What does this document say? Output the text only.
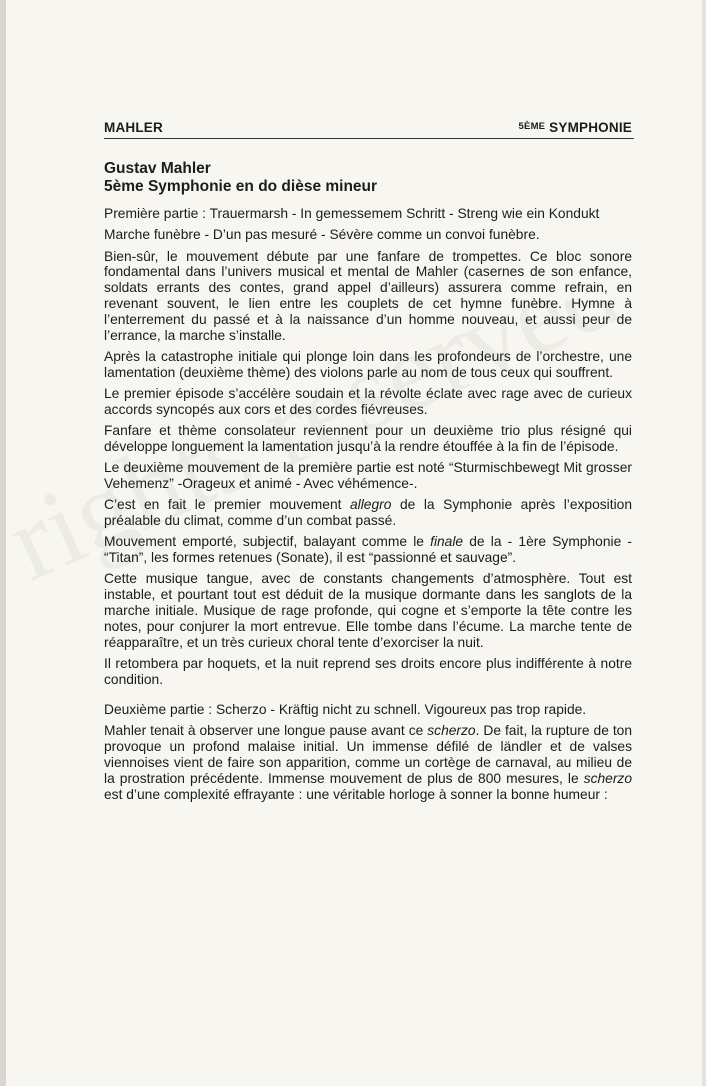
MAHLER	$^{5ÈME}$ SYMPHONIE
Gustav Mahler
5ème Symphonie en do dièse mineur

Première partie : Trauermarsh - In gemessemem Schritt - Streng wie ein Kondukt

Marche funèbre - D’un pas mesuré - Sévère comme un convoi funèbre.

Bien-sûr, le mouvement débute par une fanfare de trompettes. Ce bloc sonore fondamental dans l’univers musical et mental de Mahler (casernes de son enfance, soldats errants des contes, grand appel d’ailleurs) assurera comme refrain, en revenant souvent, le lien entre les couplets de cet hymne funèbre. Hymne à l’enterrement du passé et à la naissance d’un homme nouveau, et aussi peur de l’errance, la marche s’installe.

Après la catastrophe initiale qui plonge loin dans les profondeurs de l’orchestre, une lamentation (deuxième thème) des violons parle au nom de tous ceux qui souffrent.

Le premier épisode s’accélère soudain et la révolte éclate avec rage avec de curieux accords syncopés aux cors et des cordes fiévreuses.

Fanfare et thème consolateur reviennent pour un deuxième trio plus résigné qui développe longuement la lamentation jusqu’à la rendre étouffée à la fin de l’épisode.

Le deuxième mouvement de la première partie est noté “Sturmischbewegt Mit grosser Vehemenz” -Orageux et animé - Avec véhémence-.

C’est en fait le premier mouvement allegro de la Symphonie après l’exposition préalable du climat, comme d’un combat passé.

Mouvement emporté, subjectif, balayant comme le finale de la - 1ère Symphonie - “Titan”, les formes retenues (Sonate), il est “passionné et sauvage”.

Cette musique tangue, avec de constants changements d’atmosphère. Tout est instable, et pourtant tout est déduit de la musique dormante dans les sanglots de la marche initiale. Musique de rage profonde, qui cogne et s’emporte la tête contre les notes, pour conjurer la mort entrevue. Elle tombe dans l’écume. La marche tente de réapparaître, et un très curieux choral tente d’exorciser la nuit.

Il retombera par hoquets, et la nuit reprend ses droits encore plus indifférente à notre condition.

Deuxième partie : Scherzo - Kräftig nicht zu schnell. Vigoureux pas trop rapide.

Mahler tenait à observer une longue pause avant ce scherzo. De fait, la rupture de ton provoque un profond malaise initial. Un immense défilé de ländler et de valses viennoises vient de faire son apparition, comme un cortège de carnaval, au milieu de la prostration précédente. Immense mouvement de plus de 800 mesures, le scherzo est d’une complexité effrayante : une véritable horloge à sonner la bonne humeur :
